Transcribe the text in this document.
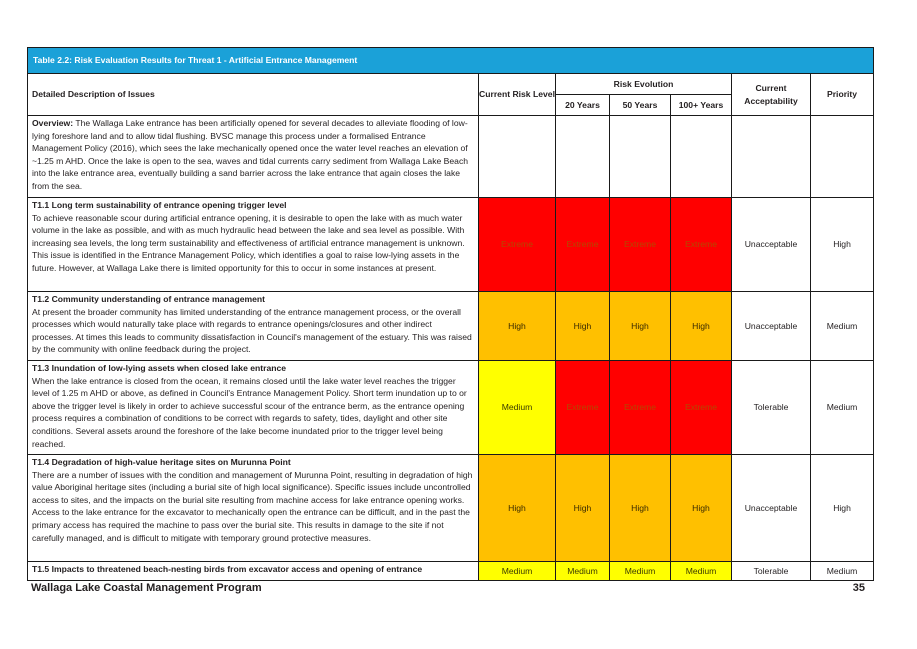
Table 2.2: Risk Evaluation Results for Threat 1 - Artificial Entrance Management						
Detailed Description of Issues	Current Risk Level	Risk Evolution			Current Acceptability	Priority
		20 Years	50 Years	100+ Years		
Overview: The Wallaga Lake entrance has been artificially opened for several decades to alleviate flooding of low-lying foreshore land and to allow tidal flushing. BVSC manage this process under a formalised Entrance Management Policy (2016), which sees the lake mechanically opened once the water level reaches an elevation of ~1.25 m AHD. Once the lake is open to the sea, waves and tidal currents carry sediment from Wallaga Lake Beach into the lake entrance area, eventually building a sand barrier across the lake entrance that again closes the lake from the sea.						
T1.1 Long term sustainability of entrance opening trigger level
To achieve reasonable scour during artificial entrance opening, it is desirable to open the lake with as much water volume in the lake as possible, and with as much hydraulic head between the lake and sea level as possible. With increasing sea levels, the long term sustainability and effectiveness of artificial entrance management is unknown. This issue is identified in the Entrance Management Policy, which identifies a goal to raise low-lying assets in the future. However, at Wallaga Lake there is limited opportunity for this to occur in some instances at present.	Extreme	Extreme	Extreme	Extreme	Unacceptable	High
T1.2 Community understanding of entrance management
At present the broader community has limited understanding of the entrance management process, or the overall processes which would naturally take place with regards to entrance openings/closures and other indirect processes. At times this leads to community dissatisfaction in Council's management of the estuary. This was raised by the community with online feedback during the project.	High	High	High	High	Unacceptable	Medium
T1.3 Inundation of low-lying assets when closed lake entrance
When the lake entrance is closed from the ocean, it remains closed until the lake water level reaches the trigger level of 1.25 m AHD or above, as defined in Council's Entrance Management Policy. Short term inundation up to or above the trigger level is likely in order to achieve successful scour of the entrance berm, as the entrance opening process requires a combination of conditions to be correct with regards to safety, tides, daylight and other site conditions. Several assets around the foreshore of the lake become inundated prior to the trigger level being reached.	Medium	Extreme	Extreme	Extreme	Tolerable	Medium
T1.4 Degradation of high-value heritage sites on Murunna Point
There are a number of issues with the condition and management of Murunna Point, resulting in degradation of high value Aboriginal heritage sites (including a burial site of high local significance). Specific issues include uncontrolled access to sites, and the impacts on the burial site resulting from machine access for lake entrance opening works. Access to the lake entrance for the excavator to mechanically open the entrance can be difficult, and in the past the primary access has required the machine to pass over the burial site. This results in damage to the site if not carefully managed, and is difficult to mitigate with temporary ground protective measures.	High	High	High	High	Unacceptable	High
T1.5 Impacts to threatened beach-nesting birds from excavator access and opening of entrance	Medium	Medium	Medium	Medium	Tolerable	Medium
Wallaga Lake Coastal Management Program	35
